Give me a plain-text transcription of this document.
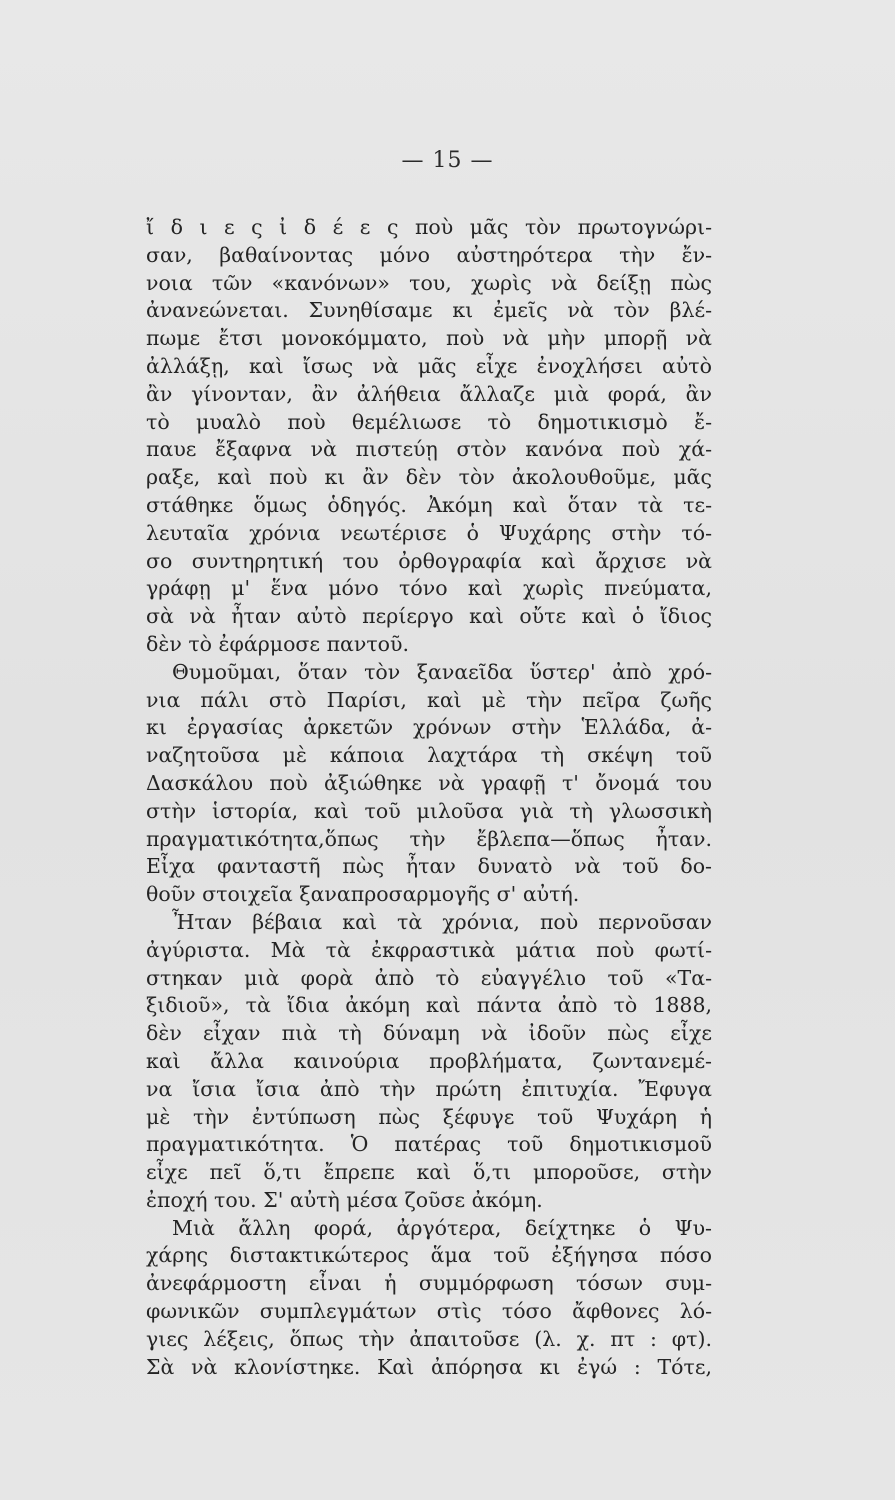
— 15 —
ἴ δ ι ε ς ἰ δ έ ε ς ποὺ μᾶς τὸν πρωτογνώρι-
σαν, βαθαίνοντας μόνο αὐστηρότερα τὴν ἔν-
νοια τῶν «κανόνων» του, χωρὶς νὰ δείξῃ πὼς
ἀνανεώνεται. Συνηθίσαμε κι ἐμεῖς νὰ τὸν βλέ-
πωμε ἔτσι μονοκόμματο, ποὺ νὰ μὴν μπορῇ νὰ
ἀλλάξῃ, καὶ ἴσως νὰ μᾶς εἶχε ἐνοχλήσει αὐτὸ
ἂν γίνονταν, ἂν ἀλήθεια ἄλλαζε μιὰ φορά, ἂν
τὸ μυαλὸ ποὺ θεμέλιωσε τὸ δημοτικισμὸ ἔ-
παυε ἔξαφνα νὰ πιστεύῃ στὸν κανόνα ποὺ χά-
ραξε, καὶ ποὺ κι ἂν δὲν τὸν ἀκολουθοῦμε, μᾶς
στάθηκε ὅμως ὁδηγός. Ἀκόμη καὶ ὅταν τὰ τε-
λευταῖα χρόνια νεωτέρισε ὁ Ψυχάρης στὴν τό-
σο συντηρητική του ὀρθογραφία καὶ ἄρχισε νὰ
γράφῃ μ' ἕνα μόνο τόνο καὶ χωρὶς πνεύματα,
σὰ νὰ ἦταν αὐτὸ περίεργο καὶ οὔτε καὶ ὁ ἴδιος
δὲν τὸ ἐφάρμοσε παντοῦ.
Θυμοῦμαι, ὅταν τὸν ξαναεῖδα ὕστερ' ἀπὸ χρό-
νια πάλι στὸ Παρίσι, καὶ μὲ τὴν πεῖρα ζωῆς
κι ἐργασίας ἀρκετῶν χρόνων στὴν Ἑλλάδα, ἀ-
ναζητοῦσα μὲ κάποια λαχτάρα τὴ σκέψη τοῦ
Δασκάλου ποὺ ἀξιώθηκε νὰ γραφῇ τ' ὄνομά του
στὴν ἱστορία, καὶ τοῦ μιλοῦσα γιὰ τὴ γλωσσικὴ
πραγματικότητα,ὅπως τὴν ἔβλεπα—ὅπως ἦταν.
Εἶχα φανταστῆ πὼς ἦταν δυνατὸ νὰ τοῦ δο-
θοῦν στοιχεῖα ξαναπροσαρμογῆς σ' αὐτή.
Ἦταν βέβαια καὶ τὰ χρόνια, ποὺ περνοῦσαν
ἀγύριστα. Μὰ τὰ ἐκφραστικὰ μάτια ποὺ φωτί-
στηκαν μιὰ φορὰ ἀπὸ τὸ εὐαγγέλιο τοῦ «Τα-
ξιδιοῦ», τὰ ἴδια ἀκόμη καὶ πάντα ἀπὸ τὸ 1888,
δὲν εἶχαν πιὰ τὴ δύναμη νὰ ἰδοῦν πὼς εἶχε
καὶ ἄλλα καινούρια προβλήματα, ζωντανεμέ-
να ἴσια ἴσια ἀπὸ τὴν πρώτη ἐπιτυχία. Ἔφυγα
μὲ τὴν ἐντύπωση πὼς ξέφυγε τοῦ Ψυχάρη ἡ
πραγματικότητα. Ὁ πατέρας τοῦ δημοτικισμοῦ
εἶχε πεῖ ὅ,τι ἔπρεπε καὶ ὅ,τι μποροῦσε, στὴν
ἐποχή του. Σ' αὐτὴ μέσα ζοῦσε ἀκόμη.
Μιὰ ἄλλη φορά, ἀργότερα, δείχτηκε ὁ Ψυ-
χάρης διστακτικώτερος ἅμα τοῦ ἐξήγησα πόσο
ἀνεφάρμοστη εἶναι ἡ συμμόρφωση τόσων συμ-
φωνικῶν συμπλεγμάτων στὶς τόσο ἄφθονες λό-
γιες λέξεις, ὅπως τὴν ἀπαιτοῦσε (λ. χ. πτ : φτ).
Σὰ νὰ κλονίστηκε. Καὶ ἀπόρησα κι ἐγώ : Τότε,
